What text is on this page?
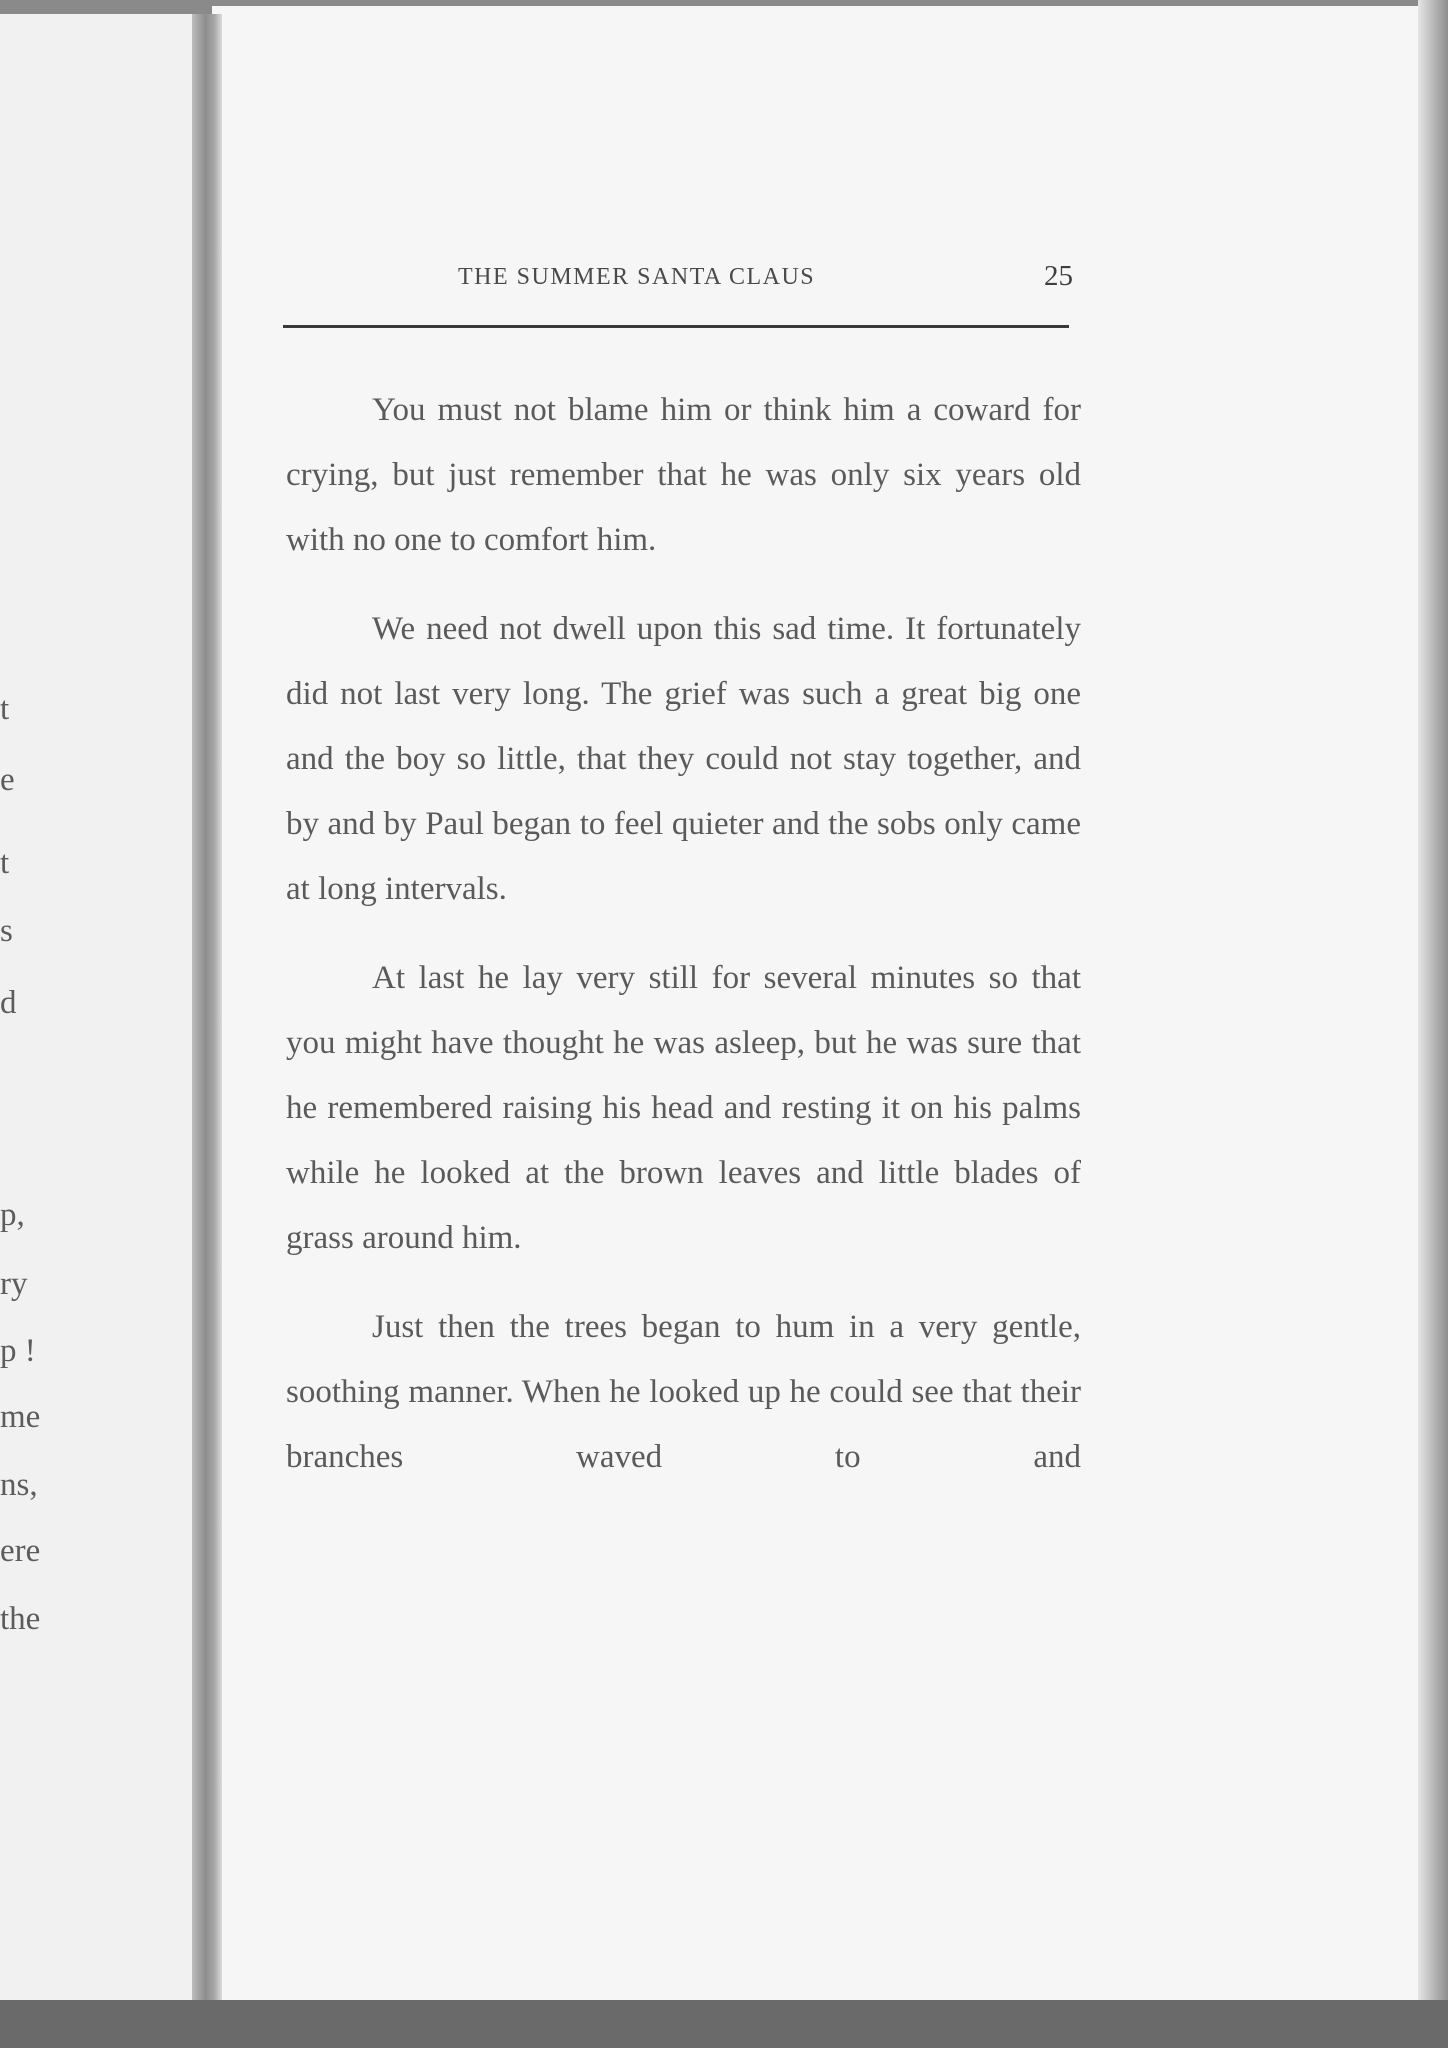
t
e
t
s
d
p,
ry
p !
me
ns,
ere
the
THE SUMMER SANTA CLAUS	25

You must not blame him or think him a coward for crying, but just remember that he was only six years old with no one to comfort him.

We need not dwell upon this sad time. It fortunately did not last very long. The grief was such a great big one and the boy so little, that they could not stay together, and by and by Paul began to feel quieter and the sobs only came at long intervals.

At last he lay very still for several minutes so that you might have thought he was asleep, but he was sure that he remembered raising his head and resting it on his palms while he looked at the brown leaves and little blades of grass around him.

Just then the trees began to hum in a very gentle, soothing manner. When he looked up he could see that their branches waved to and
